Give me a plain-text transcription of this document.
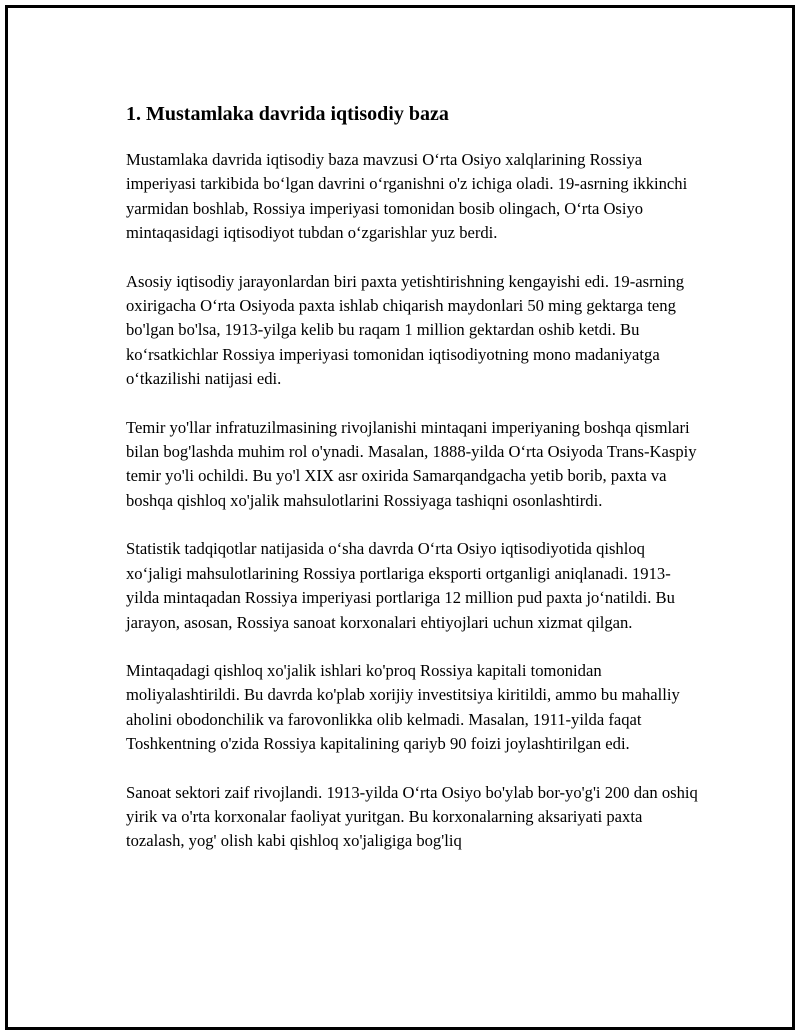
1. Mustamlaka davrida iqtisodiy baza

Mustamlaka davrida iqtisodiy baza mavzusi O‘rta Osiyo xalqlarining Rossiya imperiyasi tarkibida bo‘lgan davrini o‘rganishni o'z ichiga oladi. 19-asrning ikkinchi yarmidan boshlab, Rossiya imperiyasi tomonidan bosib olingach, O‘rta Osiyo mintaqasidagi iqtisodiyot tubdan o‘zgarishlar yuz berdi.

Asosiy iqtisodiy jarayonlardan biri paxta yetishtirishning kengayishi edi. 19-asrning oxirigacha O‘rta Osiyoda paxta ishlab chiqarish maydonlari 50 ming gektarga teng bo'lgan bo'lsa, 1913-yilga kelib bu raqam 1 million gektardan oshib ketdi. Bu ko‘rsatkichlar Rossiya imperiyasi tomonidan iqtisodiyotning mono madaniyatga o‘tkazilishi natijasi edi.

Temir yo'llar infratuzilmasining rivojlanishi mintaqani imperiyaning boshqa qismlari bilan bog'lashda muhim rol o'ynadi. Masalan, 1888-yilda O‘rta Osiyoda Trans-Kaspiy temir yo'li ochildi. Bu yo'l XIX asr oxirida Samarqandgacha yetib borib, paxta va boshqa qishloq xo'jalik mahsulotlarini Rossiyaga tashiqni osonlashtirdi.

Statistik tadqiqotlar natijasida o‘sha davrda O‘rta Osiyo iqtisodiyotida qishloq xo‘jaligi mahsulotlarining Rossiya portlariga eksporti ortganligi aniqlanadi. 1913-yilda mintaqadan Rossiya imperiyasi portlariga 12 million pud paxta jo‘natildi. Bu jarayon, asosan, Rossiya sanoat korxonalari ehtiyojlari uchun xizmat qilgan.

Mintaqadagi qishloq xo'jalik ishlari ko'proq Rossiya kapitali tomonidan moliyalashtirildi. Bu davrda ko'plab xorijiy investitsiya kiritildi, ammo bu mahalliy aholini obodonchilik va farovonlikka olib kelmadi. Masalan, 1911-yilda faqat Toshkentning o'zida Rossiya kapitalining qariyb 90 foizi joylashtirilgan edi.

Sanoat sektori zaif rivojlandi. 1913-yilda O‘rta Osiyo bo'ylab bor-yo'g'i 200 dan oshiq yirik va o'rta korxonalar faoliyat yuritgan. Bu korxonalarning aksariyati paxta tozalash, yog' olish kabi qishloq xo'jaligiga bog'liq
